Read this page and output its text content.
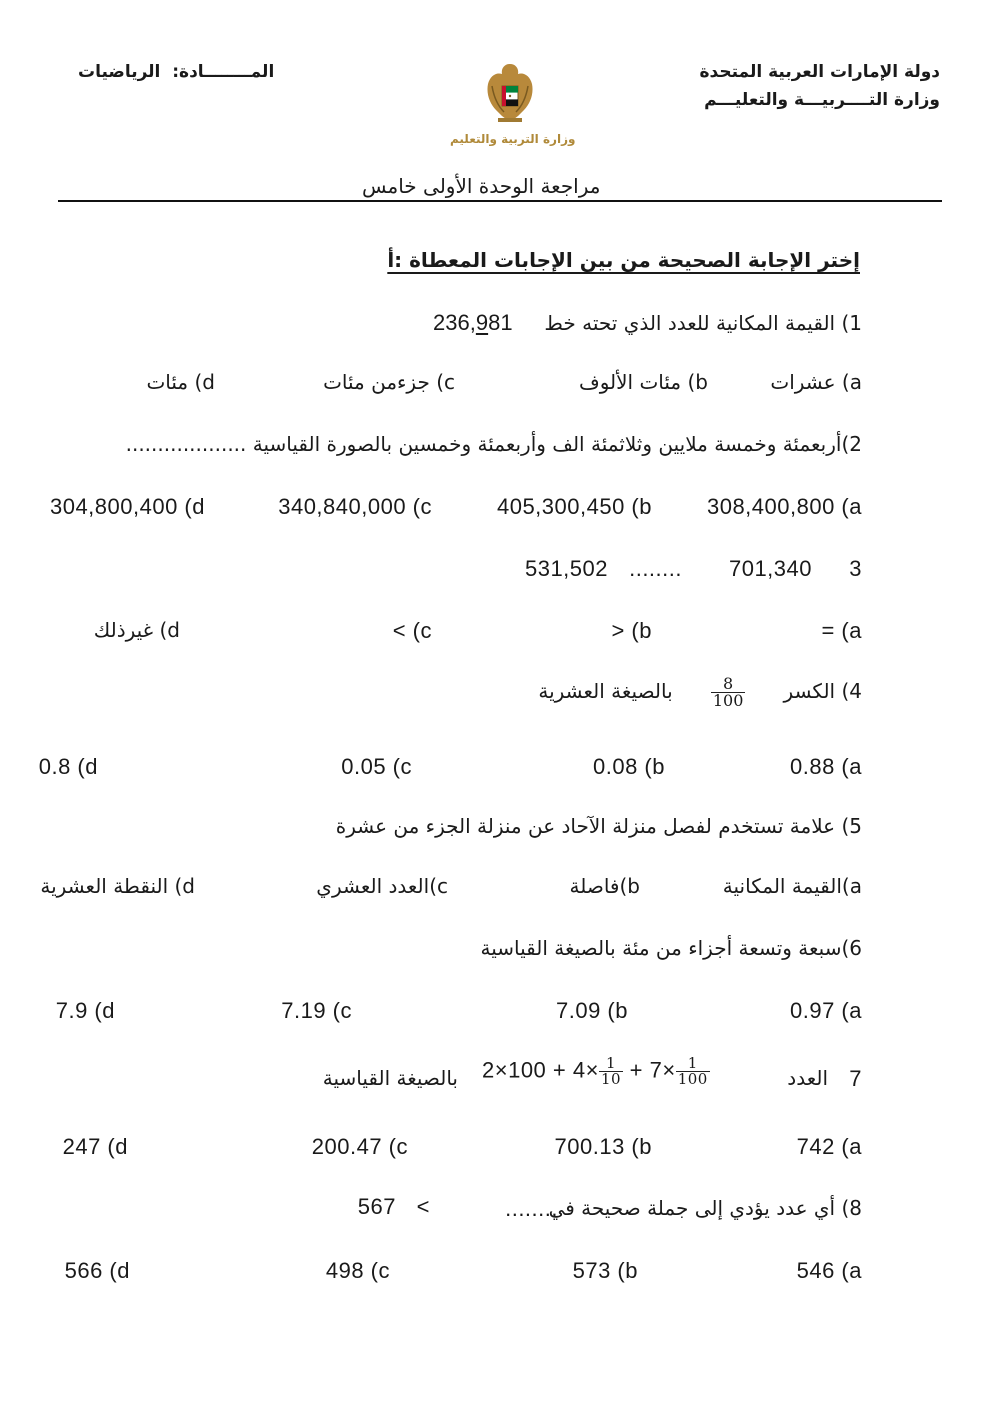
دولة الإمارات العربية المتحدة
وزارة التــــربيـــة والتعليـــم
المــــــــادة:  الرياضيات
وزارة التربية والتعليم
مراجعة الوحدة الأولى خامس
إختر الإجابة الصحيحة من بين الإجابات المعطاة :أ
1) القيمة المكانية للعدد الذي تحته خط     236,981
a) عشرات
b) مئات الألوف
c) جزءمن مئات
d) مئات
2)أربعمئة وخمسة ملايين وثلاثمئة الف وأربعمئة وخمسين بالصورة القياسية ...................
308,400,800 (a
405,300,450 (b
340,840,000 (c
304,800,400 (d
3
701,340
........
531,502
= (a
> (b
< (c
d) غيرذلك
4) الكسر
$\frac{8}{100}$
بالصيغة العشرية
0.88 (a
0.08 (b
0.05 (c
0.8 (d
5) علامة تستخدم لفصل منزلة الآحاد عن منزلة الجزء من عشرة
a)القيمة المكانية
b)فاصلة
c)العدد العشري
d) النقطة العشرية
6)سبعة وتسعة أجزاء من مئة بالصيغة القياسية
0.97 (a
7.09 (b
7.19 (c
7.9 (d
7
العدد
$2\times 100 + 4\times \frac{1}{10} + 7\times \frac{1}{100}$
بالصيغة القياسية
742 (a
700.13 (b
200.47 (c
247 (d
8) أي عدد يؤدي إلى جملة صحيحة في
........
<
567
546 (a
573 (b
498 (c
566 (d
